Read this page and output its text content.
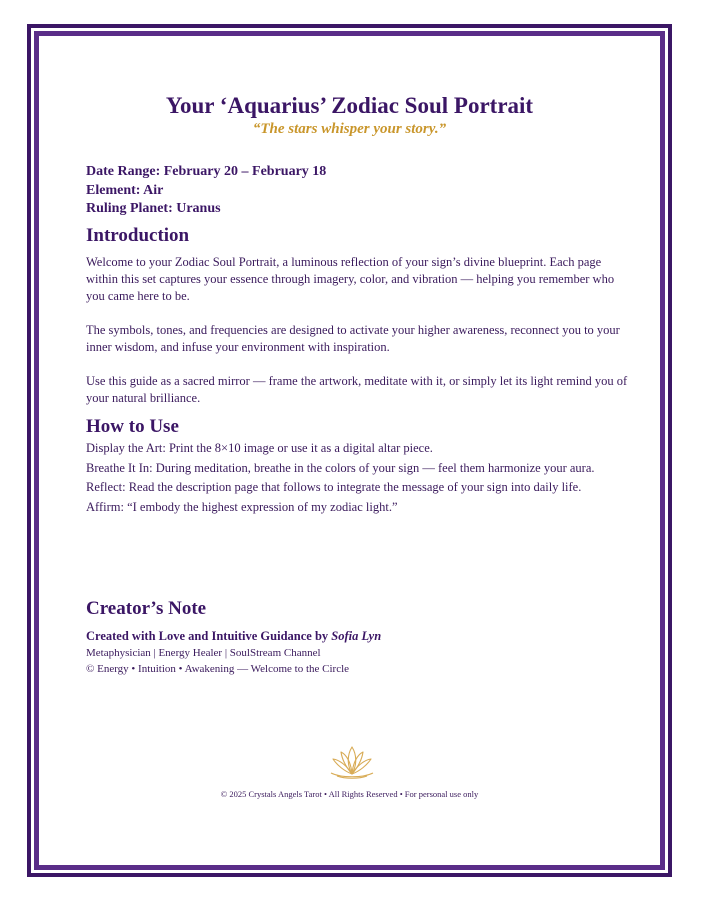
Your ‘Aquarius’ Zodiac Soul Portrait
“The stars whisper your story.”
Date Range: February 20 – February 18
Element: Air
Ruling Planet: Uranus
Introduction

Welcome to your Zodiac Soul Portrait, a luminous reflection of your sign’s divine blueprint. Each page within this set captures your essence through imagery, color, and vibration — helping you remember who you came here to be.

The symbols, tones, and frequencies are designed to activate your higher awareness, reconnect you to your inner wisdom, and infuse your environment with inspiration.

Use this guide as a sacred mirror — frame the artwork, meditate with it, or simply let its light remind you of your natural brilliance.

How to Use
Display the Art: Print the 8×10 image or use it as a digital altar piece.
Breathe It In: During meditation, breathe in the colors of your sign — feel them harmonize your aura.
Reflect: Read the description page that follows to integrate the message of your sign into daily life.
Affirm: “I embody the highest expression of my zodiac light.”
Creator’s Note
Created with Love and Intuitive Guidance by Sofia Lyn
Metaphysician | Energy Healer | SoulStream Channel
© Energy • Intuition • Awakening — Welcome to the Circle
© 2025 Crystals Angels Tarot • All Rights Reserved • For personal use only
